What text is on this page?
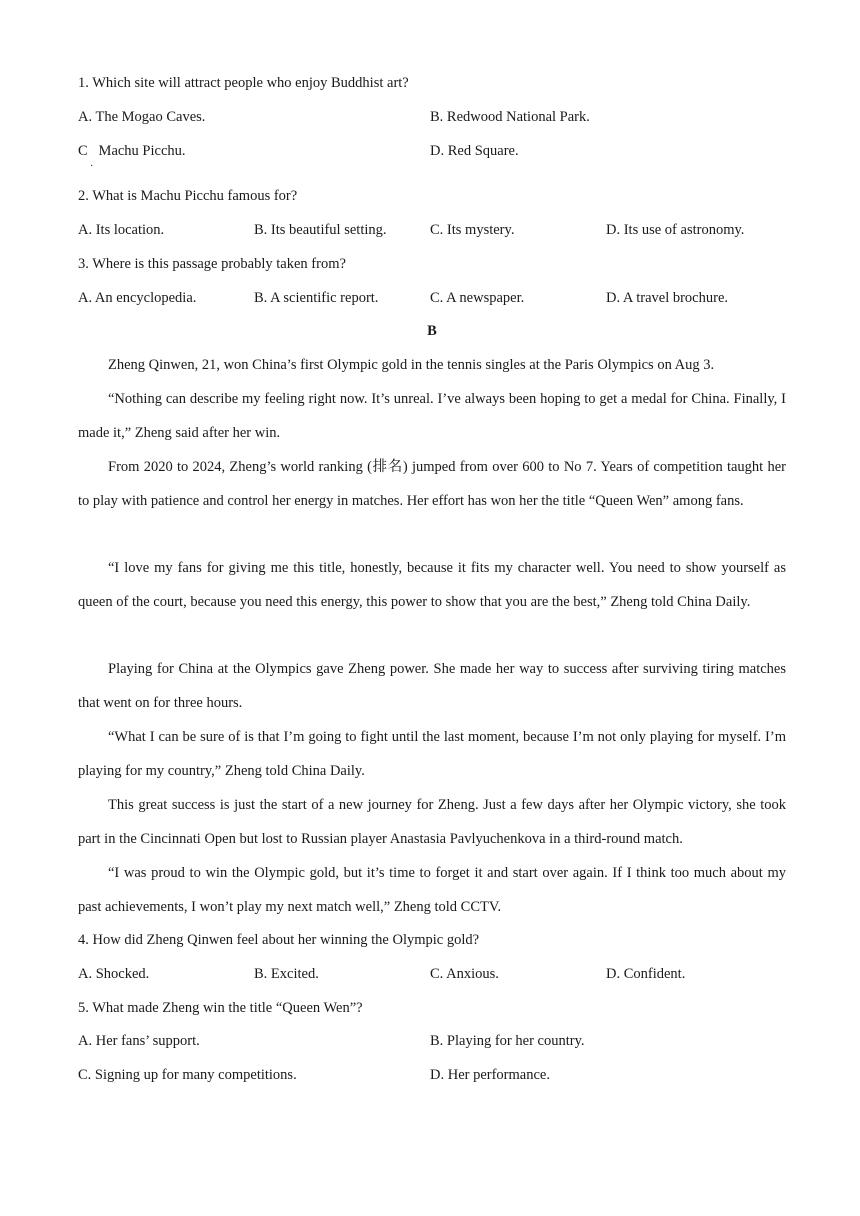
1. Which site will attract people who enjoy Buddhist art?
A. The Mogao Caves.	B. Redwood National Park.
C   Machu Picchu.
·
D. Red Square.
2. What is Machu Picchu famous for?
A. Its location.	B. Its beautiful setting.	C. Its mystery.	D. Its use of astronomy.
3. Where is this passage probably taken from?
A. An encyclopedia.	B. A scientific report.	C. A newspaper.	D. A travel brochure.
B
Zheng Qinwen, 21, won China’s first Olympic gold in the tennis singles at the Paris Olympics on Aug 3.
“Nothing can describe my feeling right now. It’s unreal. I’ve always been hoping to get a medal for China. Finally, I made it,” Zheng said after her win.
From 2020 to 2024, Zheng’s world ranking (排名) jumped from over 600 to No 7. Years of competition taught her to play with patience and control her energy in matches. Her effort has won her the title “Queen Wen” among fans.
“I love my fans for giving me this title, honestly, because it fits my character well. You need to show yourself as queen of the court, because you need this energy, this power to show that you are the best,” Zheng told China Daily.
Playing for China at the Olympics gave Zheng power. She made her way to success after surviving tiring matches that went on for three hours.
“What I can be sure of is that I’m going to fight until the last moment, because I’m not only playing for myself. I’m playing for my country,” Zheng told China Daily.
This great success is just the start of a new journey for Zheng. Just a few days after her Olympic victory, she took part in the Cincinnati Open but lost to Russian player Anastasia Pavlyuchenkova in a third-round match.
“I was proud to win the Olympic gold, but it’s time to forget it and start over again. If I think too much about my past achievements, I won’t play my next match well,” Zheng told CCTV.
4. How did Zheng Qinwen feel about her winning the Olympic gold?
A. Shocked.	B. Excited.	C. Anxious.	D. Confident.
5. What made Zheng win the title “Queen Wen”?
A. Her fans’ support.	B. Playing for her country.
C. Signing up for many competitions.	D. Her performance.
